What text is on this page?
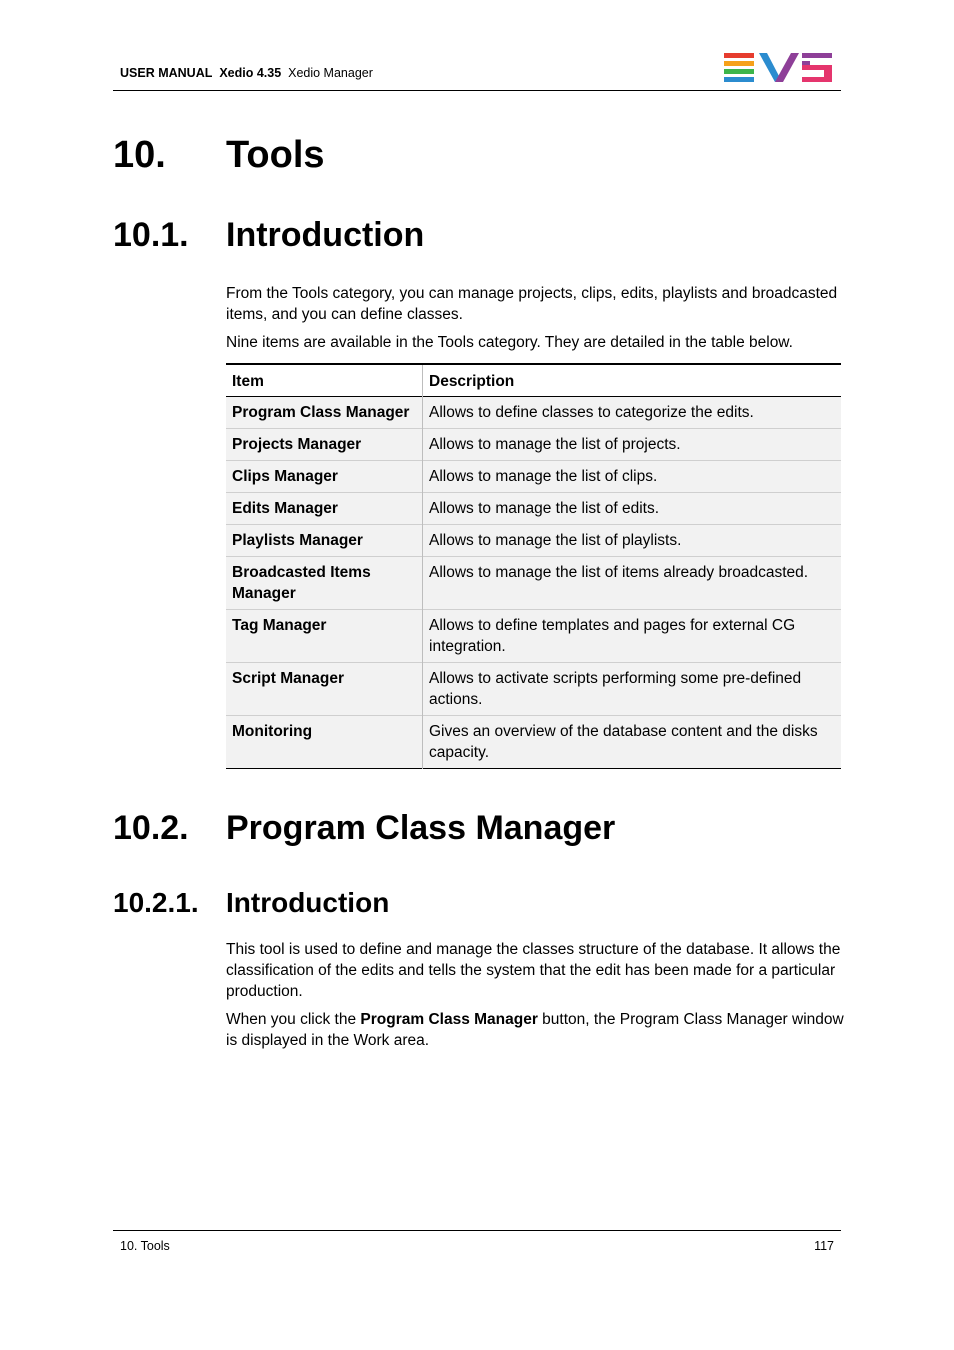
USER MANUAL Xedio 4.35 Xedio Manager
10. Tools
10.1. Introduction
From the Tools category, you can manage projects, clips, edits, playlists and broadcasted items, and you can define classes.
Nine items are available in the Tools category. They are detailed in the table below.
Item	Description
Program Class Manager	Allows to define classes to categorize the edits.
Projects Manager	Allows to manage the list of projects.
Clips Manager	Allows to manage the list of clips.
Edits Manager	Allows to manage the list of edits.
Playlists Manager	Allows to manage the list of playlists.
Broadcasted Items Manager	Allows to manage the list of items already broadcasted.
Tag Manager	Allows to define templates and pages for external CG integration.
Script Manager	Allows to activate scripts performing some pre-defined actions.
Monitoring	Gives an overview of the database content and the disks capacity.
10.2. Program Class Manager
10.2.1. Introduction
This tool is used to define and manage the classes structure of the database. It allows the classification of the edits and tells the system that the edit has been made for a particular production.
When you click the Program Class Manager button, the Program Class Manager window is displayed in the Work area.
10. Tools	117
